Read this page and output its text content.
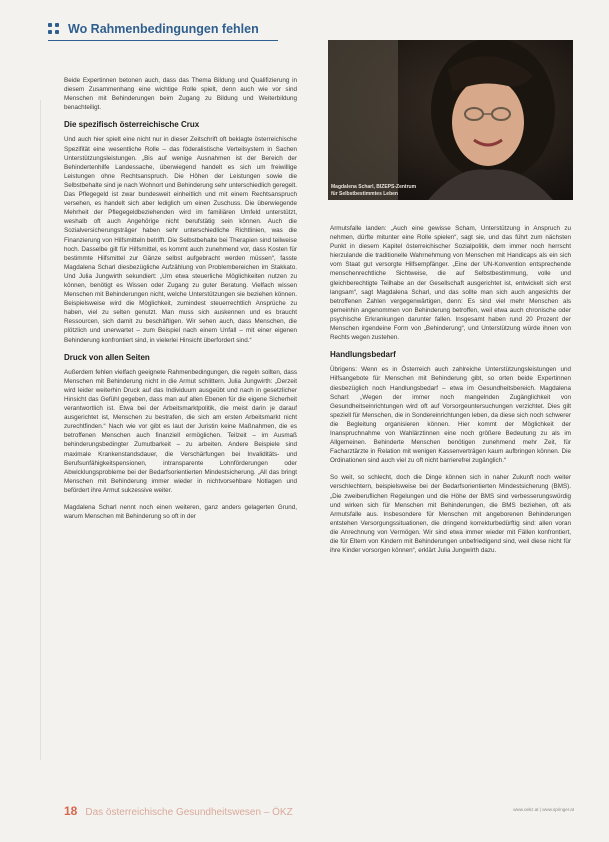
Wo Rahmenbedingungen fehlen

Beide Expertinnen betonen auch, dass das Thema Bildung und Qualifizierung in diesem Zusammenhang eine wichtige Rolle spielt, denn auch wie vor sind Menschen mit Behinderungen beim Zugang zu Bildung und Weiterbildung benachteiligt.

Die spezifisch österreichische Crux

Und auch hier spielt eine nicht nur in dieser Zeitschrift oft beklagte österreichische Spezifität eine wesentliche Rolle – das föderalistische Verteilsystem in Sachen Unterstützungsleistungen. „Bis auf wenige Ausnahmen ist der Bereich der Behindertenhilfe Landessache, überwiegend handelt es sich um freiwillige Leistungen ohne Rechtsanspruch. Die Höhen der Leistungen sowie die Selbstbehalte sind je nach Wohnort und Behinderung sehr unterschiedlich geregelt. Das Pflegegeld ist zwar bundesweit einheitlich und mit einem Rechtsanspruch versehen, es handelt sich aber lediglich um einen Zuschuss. Die überwiegende Mehrheit der Pflegegeldbeziehenden wird im familiären Umfeld unterstützt, weshalb oft auch Angehörige nicht berufstätig sein können. Auch die Sozialversicherungsträger haben sehr unterschiedliche Richtlinien, was die Finanzierung von Hilfsmitteln betrifft. Die Selbstbehalte bei Therapien sind teilweise hoch. Dasselbe gilt für Hilfsmittel, es kommt auch zunehmend vor, dass Kosten für bestimmte Hilfsmittel zur Gänze selbst aufgebracht werden müssen“, fasste Magdalena Scharl diesbezügliche Aufzählung von Problembereichen im Stakkato. Und Julia Jungwirth sekundiert: „Um etwa steuerliche Möglichkeiten nutzen zu können, benötigt es Wissen oder Zugang zu guter Beratung. Vielfach wissen Menschen mit Behinderungen nicht, welche Unterstützungen sie beziehen können. Beispielsweise wird die Möglichkeit, zumindest steuerrechtlich Ansprüche zu haben, viel zu selten genutzt. Man muss sich auskennen und es braucht Ressourcen, sich damit zu beschäftigen. Wir sehen auch, dass Menschen, die plötzlich und unerwartet – zum Beispiel nach einem Unfall – mit einer eigenen Behinderung konfrontiert sind, in vielerlei Hinsicht überfordert sind.“

Druck von allen Seiten

Außerdem fehlen vielfach geeignete Rahmenbedingungen, die regeln sollten, dass Menschen mit Behinderung nicht in die Armut schlittern. Julia Jungwirth: „Derzeit wird leider weiterhin Druck auf das Individuum ausgeübt und nach in gesetzlicher Hinsicht das Gefühl gegeben, dass man auf allen Ebenen für die eigene Sicherheit verantwortlich ist. Etwa bei der Arbeitsmarktpolitik, die meist darin je darauf ausgerichtet ist, Menschen zu bestrafen, die sich am ersten Arbeitsmarkt nicht zurechtfinden.“ Nach wie vor gibt es laut der Juristin keine Maßnahmen, die es betroffenen Menschen auch finanziell ermöglichen. Teilzeit – im Ausmaß behinderungsbedingter Zumutbarkeit – zu arbeiten. Andere Beispiele sind maximale Krankenstandsdauer, die Verschärfungen bei Invaliditäts- und Berufsunfähigkeitspensionen, intransparente Lohnförderungen oder Abwicklungsprobleme bei der Bedarfsorientierten Mindestsicherung. „All das bringt Menschen mit Behinderung immer wieder in nichtvorsehbare Notlagen und befördert ihre Armut sukzessive weiter.

Magdalena Scharl nennt noch einen weiteren, ganz anders gelagerten Grund, warum Menschen mit Behinderung so oft in der

Magdalena Scharl, BIZEPS-Zentrum für Selbstbestimmtes Leben

Armutsfalle landen: „Auch eine gewisse Scham, Unterstützung in Anspruch zu nehmen, dürfte mitunter eine Rolle spielen“, sagt sie, und das führt zum nächsten Punkt in diesem Kapitel österreichischer Sozialpolitik, dem immer noch herrscht hierzulande die traditionelle Wahrnehmung von Menschen mit Handicaps als ein sich vom Staat gut versorgte Hilfsempfänger. „Eine der UN-Konvention entsprechende menschenrechtliche Sichtweise, die auf Selbstbestimmung, volle und gleichberechtigte Teilhabe an der Gesellschaft ausgerichtet ist, entwickelt sich erst langsam“, sagt Magdalena Scharl, und das sollte man sich auch angesichts der betroffenen Zahlen vergegenwärtigen, denn: Es sind viel mehr Menschen als gemeinhin angenommen von Behinderung betroffen, weil etwa auch chronische oder psychische Erkrankungen darunter fallen. Insgesamt haben rund 20 Prozent der Menschen irgendeine Form von „Behinderung“, und Unterstützung würde ihnen von Rechts wegen zustehen.

Handlungsbedarf

Übrigens: Wenn es in Österreich auch zahlreiche Unterstützungsleistungen und Hilfsangebote für Menschen mit Behinderung gibt, so orten beide Expertinnen diesbezüglich noch Handlungsbedarf – etwa im Gesundheitsbereich. Magdalena Scharl: „Wegen der immer noch mangelnden Zugänglichkeit von Gesundheitseinrichtungen wird oft auf Vorsorgeuntersuchungen verzichtet. Dies gilt speziell für Menschen, die in Sondereinrichtungen leben, da diese sich noch schwerer die Begleitung organisieren können. Hier kommt der Möglichkeit der Inanspruchnahme von Wahlärztinnen eine noch größere Bedeutung zu als im Allgemeinen. Behinderte Menschen benötigen zunehmend mehr Zeit, für Facharztärzte in Relation mit wenigen Kassenverträgen kaum aufbringen können. Die Ordinationen sind auch viel zu oft nicht barrierefrei zugänglich.“

So weit, so schlecht, doch die Dinge können sich in naher Zukunft noch weiter verschlechtern, beispielsweise bei der Bedarfsorientierten Mindestsicherung (BMS). „Die zweiberuflichen Regelungen und die Höhe der BMS sind verbesserungswürdig und wirken sich für Menschen mit Behinderungen, die BMS beziehen, oft als Armutsfalle aus. Insbesondere für Menschen mit angeborenen Behinderungen entstehen Versorgungssituationen, die dringend korrekturbedürftig sind: allen voran die Anrechnung von Vermögen. Wir sind etwa immer wieder mit Fällen konfrontiert, die für Eltern von Kindern mit Behinderungen unbefriedigend sind, weil diese nicht für ihre Kinder vorsorgen können“, erklärt Julia Jungwirth dazu.

18 Das österreichische Gesundheitswesen – ÖKZ	www.oekz.at | www.springer.at
